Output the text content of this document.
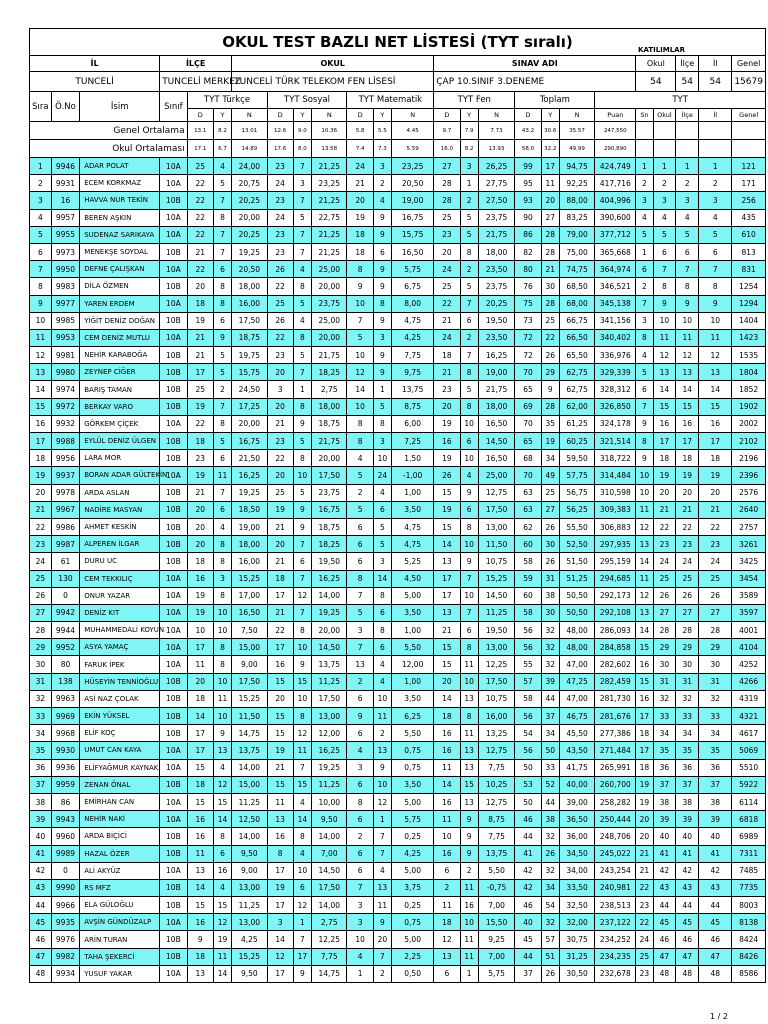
OKUL TEST BAZLI NET LİSTESİ (TYT sıralı) KATILIMLAR																								

İL			İLÇE			OKUL							SINAV ADI							Okul		İlçe	İl	Genel
TUNCELİ			TUNCELİ MERKEZ			TUNCELİ TÜRK TELEKOM FEN LİSESİ							ÇAP 10.SINIF 3.DENEME							54		54	54	15679
Sıra	Ö.No	İsim	Sınıf	TYT Türkçe			TYT Sosyal			TYT Matematik			TYT Fen			Toplam			TYT					
				D	Y	N	D	Y	N	D	Y	N	D	Y	N	D	Y	N	Puan	Sn	Okul	İlçe	İl	Genel
Genel Ortalama				13.1	8.2	13.01	12.6	9.0	10.36	5.8	5.5	4.45	9.7	7.9	7.73	43.2	30.6	35.57	247,550					
Okul Ortalaması				17.1	6.7	14.89	17.6	8.0	13.58	7.4	7.3	5.59	16.0	8.2	13.93	58.0	32.2	49.99	290,890					
1	9946	ADAR POLAT	10A	25	4	24,00	23	7	21,25	24	3	23,25	27	3	26,25	99	17	94,75	424,749	1	1	1	1	121
2	9931	ECEM KORKMAZ	10A	22	5	20,75	24	3	23,25	21	2	20,50	28	1	27,75	95	11	92,25	417,716	2	2	2	2	171
3	16	HAVVA NUR TEKİN	10B	22	7	20,25	23	7	21,25	20	4	19,00	28	2	27,50	93	20	88,00	404,996	3	3	3	3	256
4	9957	BEREN AŞKIN	10A	22	8	20,00	24	5	22,75	19	9	16,75	25	5	23,75	90	27	83,25	390,600	4	4	4	4	435
5	9955	SUDENAZ SARIKAYA	10A	22	7	20,25	23	7	21,25	18	9	15,75	23	5	21,75	86	28	79,00	377,712	5	5	5	5	610
6	9973	MENEKŞE SOYDAL	10B	21	7	19,25	23	7	21,25	18	6	16,50	20	8	18,00	82	28	75,00	365,668	1	6	6	6	813
7	9950	DEFNE ÇALIŞKAN	10A	22	6	20,50	26	4	25,00	8	9	5,75	24	2	23,50	80	21	74,75	364,974	6	7	7	7	831
8	9983	DİLA ÖZMEN	10B	20	8	18,00	22	8	20,00	9	9	6,75	25	5	23,75	76	30	68,50	346,521	2	8	8	8	1254
9	9977	YAREN ERDEM	10A	18	8	16,00	25	5	23,75	10	8	8,00	22	7	20,25	75	28	68,00	345,138	7	9	9	9	1294
10	9985	YİĞİT DENİZ DOĞAN	10B	19	6	17,50	26	4	25,00	7	9	4,75	21	6	19,50	73	25	66,75	341,156	3	10	10	10	1404
11	9953	CEM DENİZ MUTLU	10A	21	9	18,75	22	8	20,00	5	3	4,25	24	2	23,50	72	22	66,50	340,402	8	11	11	11	1423
12	9981	NEHİR KARABOĞA	10B	21	5	19,75	23	5	21,75	10	9	7,75	18	7	16,25	72	26	65,50	336,976	4	12	12	12	1535
13	9980	ZEYNEP CİĞER	10B	17	5	15,75	20	7	18,25	12	9	9,75	21	8	19,00	70	29	62,75	329,339	5	13	13	13	1804
14	9974	BARIŞ TAMAN	10B	25	2	24,50	3	1	2,75	14	1	13,75	23	5	21,75	65	9	62,75	328,312	6	14	14	14	1852
15	9972	BERKAY VARO	10B	19	7	17,25	20	8	18,00	10	5	8,75	20	8	18,00	69	28	62,00	326,850	7	15	15	15	1902
16	9932	GÖRKEM ÇİÇEK	10A	22	8	20,00	21	9	18,75	8	8	6,00	19	10	16,50	70	35	61,25	324,178	9	16	16	16	2002
17	9988	EYLÜL DENİZ ÜLGEN	10B	18	5	16,75	23	5	21,75	8	3	7,25	16	6	14,50	65	19	60,25	321,514	8	17	17	17	2102
18	9956	LARA MOR	10B	23	6	21,50	22	8	20,00	4	10	1,50	19	10	16,50	68	34	59,50	318,722	9	18	18	18	2196
19	9937	BORAN ADAR GÜLTEKİN	10A	19	11	16,25	20	10	17,50	5	24	-1,00	26	4	25,00	70	49	57,75	314,484	10	19	19	19	2396
20	9978	ARDA ASLAN	10B	21	7	19,25	25	5	23,75	2	4	1,00	15	9	12,75	63	25	56,75	310,598	10	20	20	20	2576
21	9967	NADİRE MASYAN	10B	20	6	18,50	19	9	16,75	5	6	3,50	19	6	17,50	63	27	56,25	309,383	11	21	21	21	2640
22	9986	AHMET KESKİN	10B	20	4	19,00	21	9	18,75	6	5	4,75	15	8	13,00	62	26	55,50	306,883	12	22	22	22	2757
23	9987	ALPEREN İLGAR	10B	20	8	18,00	20	7	18,25	6	5	4,75	14	10	11,50	60	30	52,50	297,935	13	23	23	23	3261
24	61	DURU UC	10B	18	8	16,00	21	6	19,50	6	3	5,25	13	9	10,75	58	26	51,50	295,159	14	24	24	24	3425
25	130	CEM TEKKILIÇ	10A	16	3	15,25	18	7	16,25	8	14	4,50	17	7	15,25	59	31	51,25	294,685	11	25	25	25	3454
26	0	ONUR YAZAR	10A	19	8	17,00	17	12	14,00	7	8	5,00	17	10	14,50	60	38	50,50	292,173	12	26	26	26	3589
27	9942	DENİZ KIT	10A	19	10	16,50	21	7	19,25	5	6	3,50	13	7	11,25	58	30	50,50	292,108	13	27	27	27	3597
28	9944	MUHAMMEDALİ KOYUN	10A	10	10	7,50	22	8	20,00	3	8	1,00	21	6	19,50	56	32	48,00	286,093	14	28	28	28	4001
29	9952	ASYA YAMAÇ	10A	17	8	15,00	17	10	14,50	7	6	5,50	15	8	13,00	56	32	48,00	284,858	15	29	29	29	4104
30	80	FARUK İPEK	10A	11	8	9,00	16	9	13,75	13	4	12,00	15	11	12,25	55	32	47,00	282,602	16	30	30	30	4252
31	138	HÜSEYİN TENNİOĞLU	10B	20	10	17,50	15	15	11,25	2	4	1,00	20	10	17,50	57	39	47,25	282,459	15	31	31	31	4266
32	9963	ASİ NAZ ÇOLAK	10B	18	11	15,25	20	10	17,50	6	10	3,50	14	13	10,75	58	44	47,00	281,730	16	32	32	32	4319
33	9969	EKİN YÜKSEL	10B	14	10	11,50	15	8	13,00	9	11	6,25	18	8	16,00	56	37	46,75	281,676	17	33	33	33	4321
34	9968	ELİF KOÇ	10B	17	9	14,75	15	12	12,00	6	2	5,50	16	11	13,25	54	34	45,50	277,386	18	34	34	34	4617
35	9930	UMUT CAN KAYA	10A	17	13	13,75	19	11	16,25	4	13	0,75	16	13	12,75	56	50	43,50	271,484	17	35	35	35	5069
36	9936	ELİFYAĞMUR KAYNAK	10A	15	4	14,00	21	7	19,25	3	9	0,75	11	13	7,75	50	33	41,75	265,991	18	36	36	36	5510
37	9959	ZENAN ÖNAL	10B	18	12	15,00	15	15	11,25	6	10	3,50	14	15	10,25	53	52	40,00	260,700	19	37	37	37	5922
38	86	EMİRHAN CAN	10A	15	15	11,25	11	4	10,00	8	12	5,00	16	13	12,75	50	44	39,00	258,282	19	38	38	38	6114
39	9943	NEHİR NAKİ	10A	16	14	12,50	13	14	9,50	6	1	5,75	11	9	8,75	46	38	36,50	250,444	20	39	39	39	6818
40	9960	ARDA BİÇİCİ	10B	16	8	14,00	16	8	14,00	2	7	0,25	10	9	7,75	44	32	36,00	248,706	20	40	40	40	6989
41	9989	HAZAL ÖZER	10B	11	6	9,50	8	4	7,00	6	7	4,25	16	9	13,75	41	26	34,50	245,022	21	41	41	41	7311
42	0	ALİ AKYÜZ	10A	13	16	9,00	17	10	14,50	6	4	5,00	6	2	5,50	42	32	34,00	243,254	21	42	42	42	7485
43	9990	RS MFZ	10B	14	4	13,00	19	6	17,50	7	13	3,75	2	11	-0,75	42	34	33,50	240,981	22	43	43	43	7735
44	9966	ELA GÜLOĞLU	10B	15	15	11,25	17	12	14,00	3	11	0,25	11	16	7,00	46	54	32,50	238,513	23	44	44	44	8003
45	9935	AVŞİN GÜNDÜZALP	10A	16	12	13,00	3	1	2,75	3	9	0,75	18	10	15,50	40	32	32,00	237,122	22	45	45	45	8138
46	9976	ARİN TURAN	10B	9	19	4,25	14	7	12,25	10	20	5,00	12	11	9,25	45	57	30,75	234,252	24	46	46	46	8424
47	9982	TAHA ŞEKERCİ	10B	18	11	15,25	12	17	7,75	4	7	2,25	13	11	7,00	44	51	31,25	234,235	25	47	47	47	8426
48	9934	YUSUF YAKAR	10A	13	14	9,50	17	9	14,75	1	2	0,50	6	1	5,75	37	26	30,50	232,678	23	48	48	48	8586
1 / 2
